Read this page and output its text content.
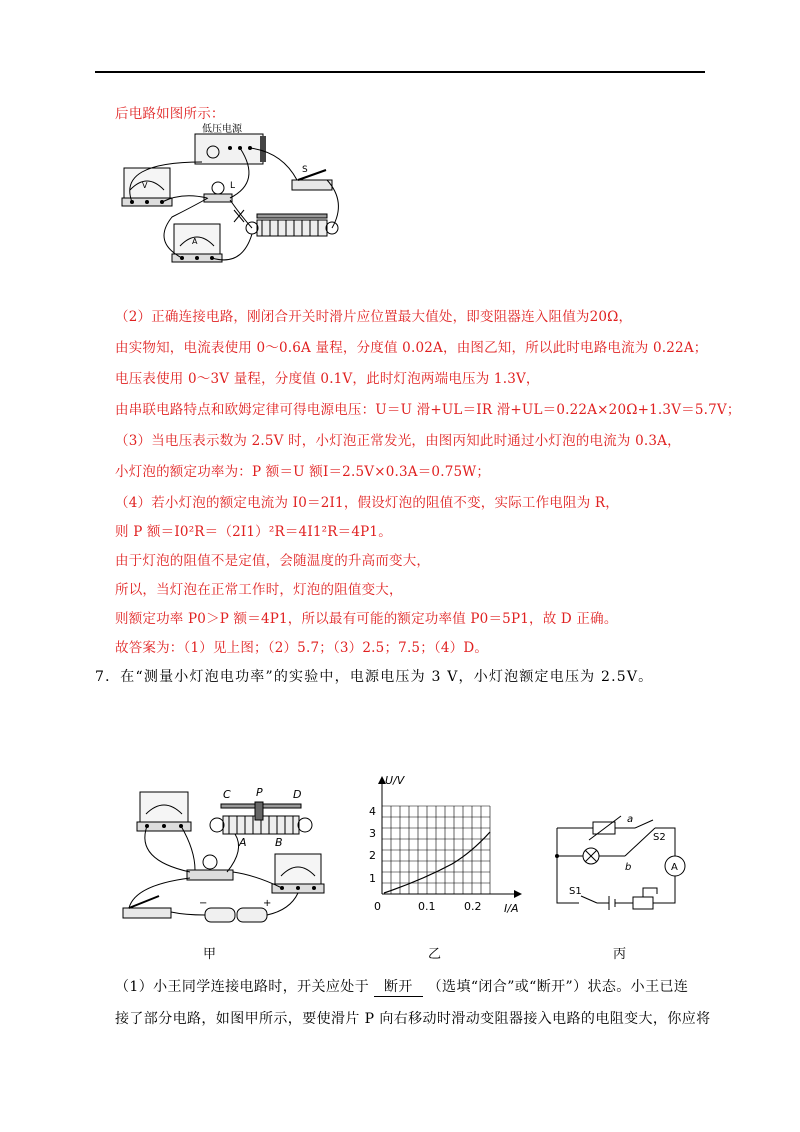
后电路如图所示：
低压电源
V	L
S
A
（2）正确连接电路，刚闭合开关时滑片应位置最大值处，即变阻器连入阻值为20Ω，
由实物知，电流表使用 0～0.6A 量程，分度值 0.02A，由图乙知，所以此时电路电流为 0.22A；
电压表使用 0～3V 量程，分度值 0.1V，此时灯泡两端电压为 1.3V，
由串联电路特点和欧姆定律可得电源电压：U＝U 滑+UL＝IR 滑+UL＝0.22A×20Ω+1.3V＝5.7V；
（3）当电压表示数为 2.5V 时，小灯泡正常发光，由图丙知此时通过小灯泡的电流为 0.3A，
小灯泡的额定功率为：P 额＝U 额I＝2.5V×0.3A＝0.75W；
（4）若小灯泡的额定电流为 I0＝2I1，假设灯泡的阻值不变，实际工作电阻为 R，
则 P 额＝I0²R＝（2I1）²R＝4I1²R＝4P1。
由于灯泡的阻值不是定值，会随温度的升高而变大，
所以，当灯泡在正常工作时，灯泡的阻值变大，
则额定功率 P0＞P 额＝4P1，所以最有可能的额定功率值 P0＝5P1，故 D 正确。
故答案为：（1）见上图；（2）5.7；（3）2.5；7.5；（4）D。
7．在“测量小灯泡电功率”的实验中，电源电压为 3 V，小灯泡额定电压为 2.5V。
C P	D
A	B
−	+
甲
U/V
I/A
1
2
3
4
0	0.1	0.2
乙
a
b
S2
S1
A
丙
（1）小王同学连接电路时，开关应处于 断开 （选填“闭合”或“断开”）状态。小王已连
接了部分电路，如图甲所示，要使滑片 P 向右移动时滑动变阻器接入电路的电阻变大，你应将
